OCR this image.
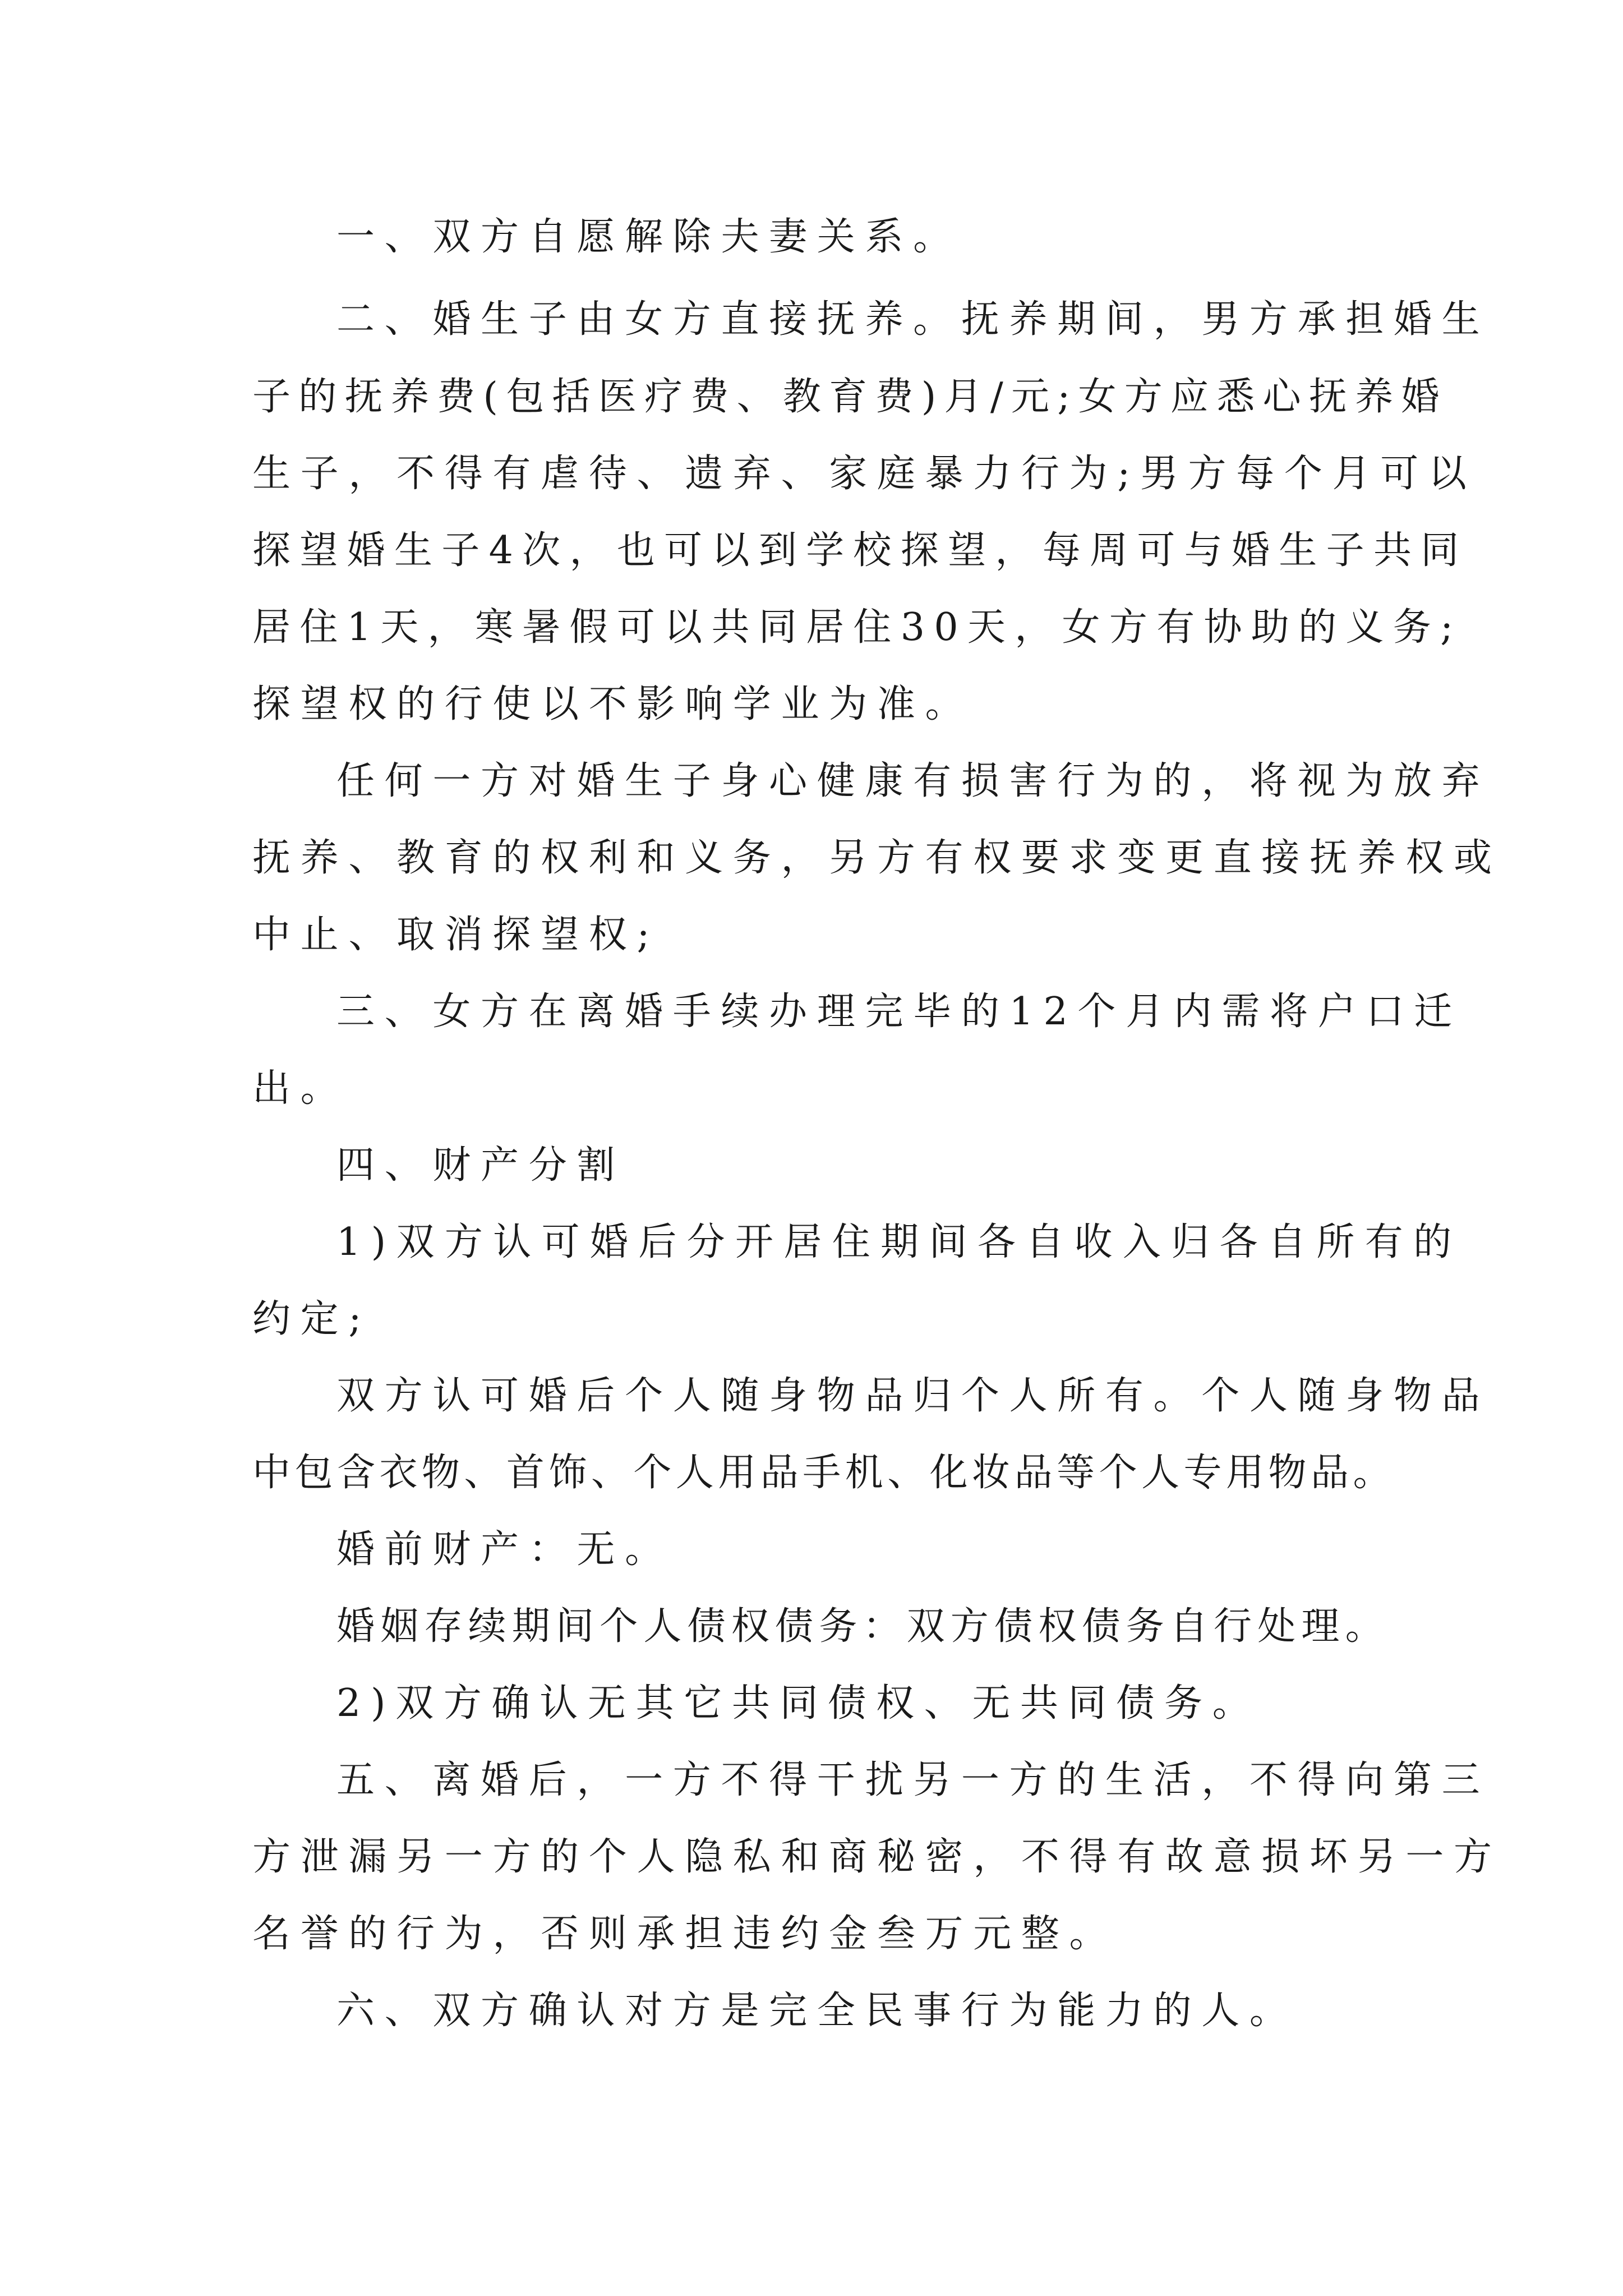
一、双方自愿解除夫妻关系。
二、婚生子由女方直接抚养。抚养期间，男方承担婚生
子的抚养费(包括医疗费、教育费)月/元;女方应悉心抚养婚
生子，不得有虐待、遗弃、家庭暴力行为;男方每个月可以
探望婚生子4次，也可以到学校探望，每周可与婚生子共同
居住1天，寒暑假可以共同居住30天，女方有协助的义务;
探望权的行使以不影响学业为准。
任何一方对婚生子身心健康有损害行为的，将视为放弃
抚养、教育的权利和义务，另方有权要求变更直接抚养权或
中止、取消探望权;
三、女方在离婚手续办理完毕的12个月内需将户口迁
出。
四、财产分割
1)双方认可婚后分开居住期间各自收入归各自所有的
约定;
双方认可婚后个人随身物品归个人所有。个人随身物品
中包含衣物、首饰、个人用品手机、化妆品等个人专用物品。
婚前财产：无。
婚姻存续期间个人债权债务：双方债权债务自行处理。
2)双方确认无其它共同债权、无共同债务。
五、离婚后，一方不得干扰另一方的生活，不得向第三
方泄漏另一方的个人隐私和商秘密，不得有故意损坏另一方
名誉的行为，否则承担违约金叁万元整。
六、双方确认对方是完全民事行为能力的人。
